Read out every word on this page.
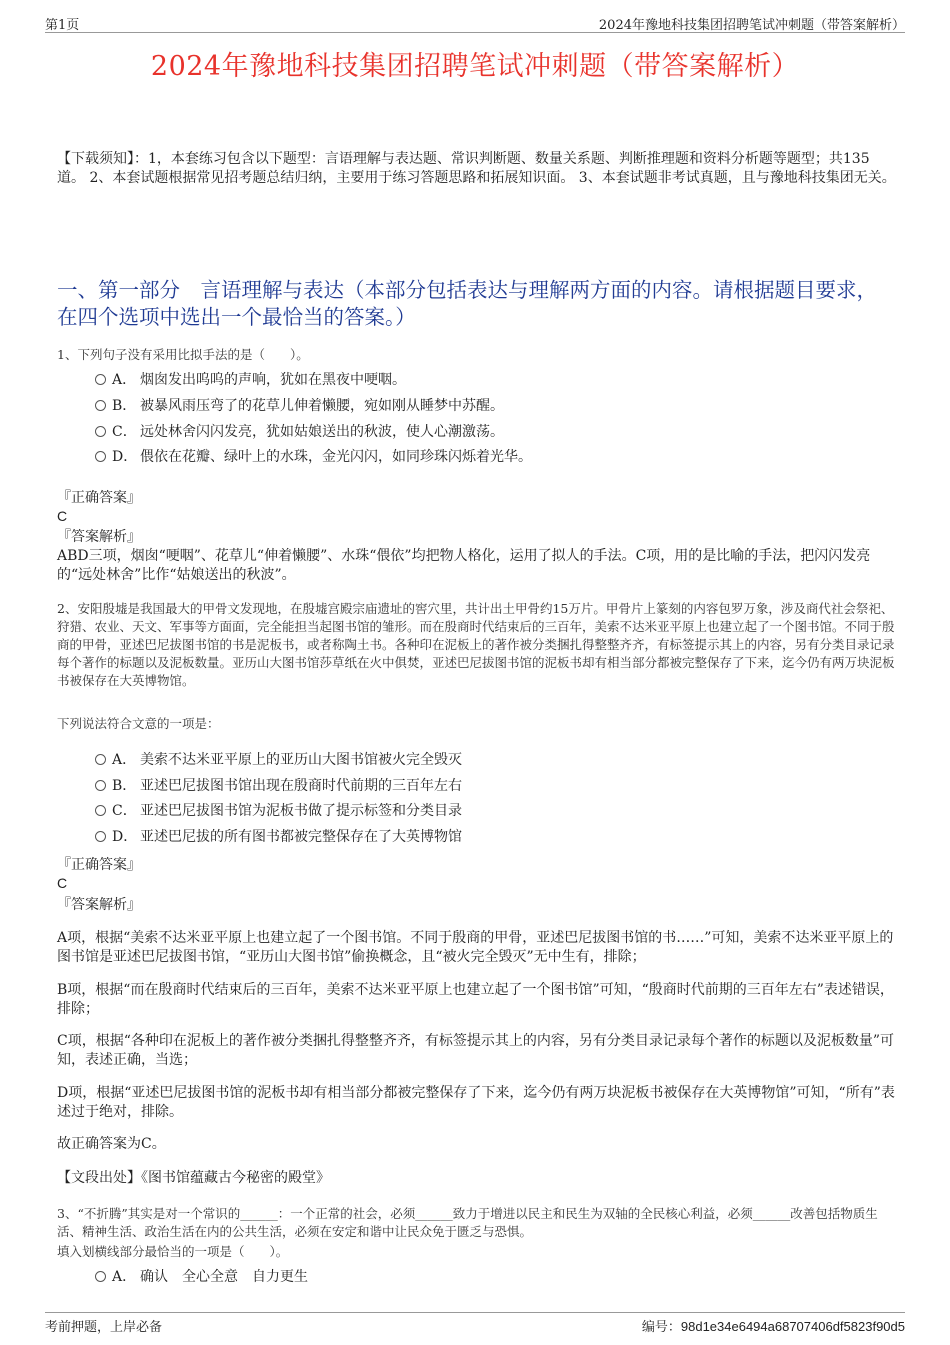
第1页	2024年豫地科技集团招聘笔试冲刺题（带答案解析）
2024年豫地科技集团招聘笔试冲刺题（带答案解析）
【下载须知】：1，本套练习包含以下题型：言语理解与表达题、常识判断题、数量关系题、判断推理题和资料分析题等题型；共135道。 2、本套试题根据常见招考题总结归纳，主要用于练习答题思路和拓展知识面。 3、本套试题非考试真题，且与豫地科技集团无关。
一、第一部分　言语理解与表达（本部分包括表达与理解两方面的内容。请根据题目要求，在四个选项中选出一个最恰当的答案。）
1、下列句子没有采用比拟手法的是（　　）。
A． 烟囱发出呜呜的声响，犹如在黑夜中哽咽。
B． 被暴风雨压弯了的花草儿伸着懒腰，宛如刚从睡梦中苏醒。
C． 远处林舍闪闪发亮，犹如姑娘送出的秋波，使人心潮激荡。
D． 偎依在花瓣、绿叶上的水珠，金光闪闪，如同珍珠闪烁着光华。
『正确答案』
C
『答案解析』
ABD三项，烟囱“哽咽”、花草儿“伸着懒腰”、水珠“偎依”均把物人格化，运用了拟人的手法。C项，用的是比喻的手法，把闪闪发亮的“远处林舍”比作“姑娘送出的秋波”。
2、安阳殷墟是我国最大的甲骨文发现地，在殷墟宫殿宗庙遗址的窖穴里，共计出土甲骨约15万片。甲骨片上篆刻的内容包罗万象，涉及商代社会祭祀、狩猎、农业、天文、军事等方面面，完全能担当起图书馆的雏形。而在殷商时代结束后的三百年，美索不达米亚平原上也建立起了一个图书馆。不同于殷商的甲骨，亚述巴尼拔图书馆的书是泥板书，或者称陶土书。各种印在泥板上的著作被分类捆扎得整整齐齐，有标签提示其上的内容，另有分类目录记录每个著作的标题以及泥板数量。亚历山大图书馆莎草纸在火中俱焚，亚述巴尼拔图书馆的泥板书却有相当部分都被完整保存了下来，迄今仍有两万块泥板书被保存在大英博物馆。
下列说法符合文意的一项是：
A． 美索不达米亚平原上的亚历山大图书馆被火完全毁灭
B． 亚述巴尼拔图书馆出现在殷商时代前期的三百年左右
C． 亚述巴尼拔图书馆为泥板书做了提示标签和分类目录
D． 亚述巴尼拔的所有图书都被完整保存在了大英博物馆
『正确答案』
C
『答案解析』
A项，根据“美索不达米亚平原上也建立起了一个图书馆。不同于殷商的甲骨，亚述巴尼拔图书馆的书……”可知，美索不达米亚平原上的图书馆是亚述巴尼拔图书馆，“亚历山大图书馆”偷换概念，且“被火完全毁灭”无中生有，排除；
B项，根据“而在殷商时代结束后的三百年，美索不达米亚平原上也建立起了一个图书馆”可知，“殷商时代前期的三百年左右”表述错误，排除；
C项，根据“各种印在泥板上的著作被分类捆扎得整整齐齐，有标签提示其上的内容，另有分类目录记录每个著作的标题以及泥板数量”可知，表述正确，当选；
D项，根据“亚述巴尼拔图书馆的泥板书却有相当部分都被完整保存了下来，迄今仍有两万块泥板书被保存在大英博物馆”可知，“所有”表述过于绝对，排除。
故正确答案为C。
【文段出处】《图书馆蕴藏古今秘密的殿堂》
3、“不折腾”其实是对一个常识的______：一个正常的社会，必须______致力于增进以民主和民生为双轴的全民核心利益，必须______改善包括物质生活、精神生活、政治生活在内的公共生活，必须在安定和谐中让民众免于匮乏与恐惧。
填入划横线部分最恰当的一项是（　　）。
A． 确认　全心全意　自力更生
考前押题，上岸必备	编号：98d1e34e6494a68707406df5823f90d5
